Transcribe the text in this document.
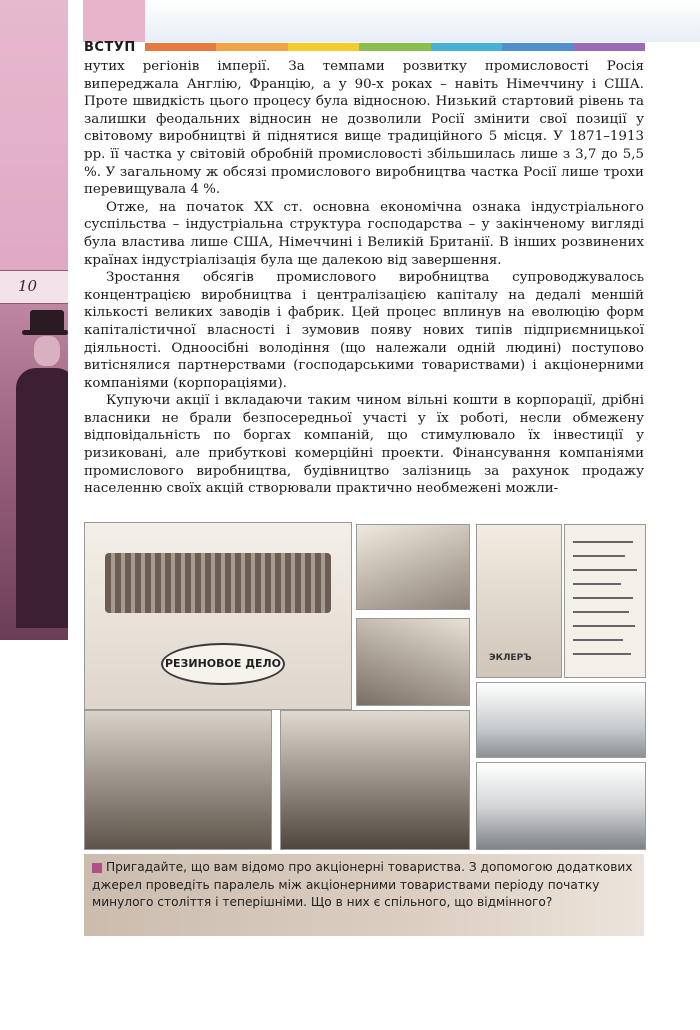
10
ВСТУП

нутих регіонів імперії. За темпами розвитку промисловості Росія випереджала Англію, Францію, а у 90-х роках – навіть Німеччину і США. Проте швидкість цього процесу була відносною. Низький стартовий рівень та залишки феодальних відносин не дозволили Росії змінити свої позиції у світовому виробництві й піднятися вище традиційного 5 місця. У 1871–1913 рр. її частка у світовій обробній промисловості збільшилась лише з 3,7 до 5,5 %. У загальному ж обсязі промислового виробництва частка Росії лише трохи перевищувала 4 %.

Отже, на початок ХХ ст. основна економічна ознака індустріального суспільства – індустріальна структура господарства – у закінченому вигляді була властива лише США, Німеччині і Великій Британії. В інших розвинених країнах індустріалізація була ще далекою від завершення.

Зростання обсягів промислового виробництва супроводжувалось концентрацією виробництва і централізацією капіталу на дедалі меншій кількості великих заводів і фабрик. Цей процес вплинув на еволюцію форм капіталістичної власності і зумовив появу нових типів підприємницької діяльності. Одноосібні володіння (що належали одній людині) поступово витіснялися партнерствами (господарськими товариствами) і акціонерними компаніями (корпораціями).

Купуючи акції і вкладаючи таким чином вільні кошти в корпорації, дрібні власники не брали безпосередньої участі у їх роботі, несли обмежену відповідальність по боргах компаній, що стимулювало їх інвестиції у ризиковані, але прибуткові комерційні проекти. Фінансування компаніями промислового виробництва, будівництво залізниць за рахунок продажу населенню своїх акцій створювали практично необмежені можли-

РЕЗИНОВОЕ ДЕЛО	ЭКЛЕРЪ
Пригадайте, що вам відомо про акціонерні товариства. З допомогою додаткових джерел проведіть паралель між акціонерними товариствами періоду початку минулого століття і теперішніми. Що в них є спільного, що відмінного?
